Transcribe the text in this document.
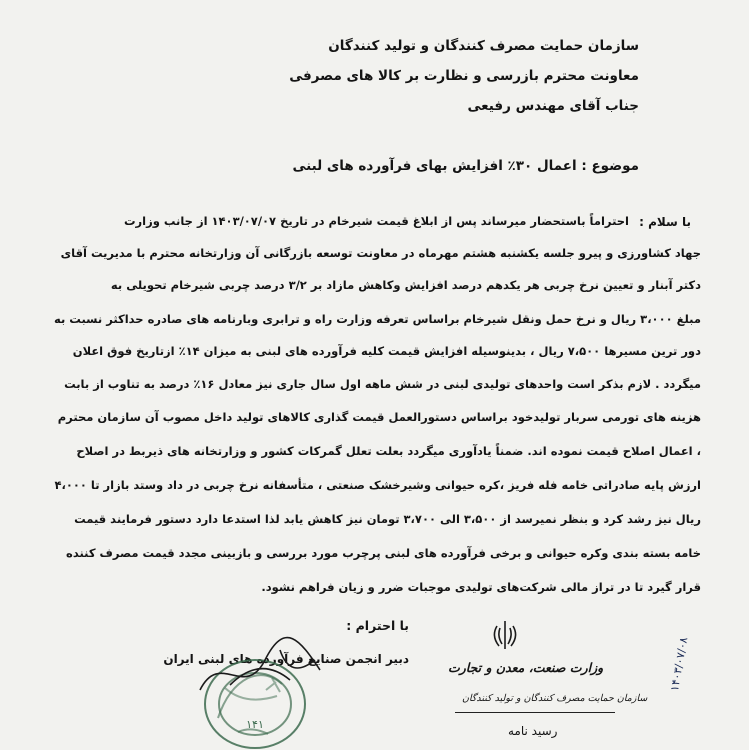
سازمان حمایت مصرف کنندگان و تولید کنندگان
معاونت محترم بازرسی و نظارت بر کالا های مصرفی
جناب آقای مهندس رفیعی
موضوع : اعمال ۳۰٪ افزایش بهای فرآورده های لبنی
با سلام :
احتراماً باستحضار میرساند پس از ابلاغ قیمت شیرخام در تاریخ ۱۴۰۳/۰۷/۰۷ از جانب وزارت
جهاد کشاورزی و پیرو جلسه یکشنبه هشتم مهرماه در معاونت توسعه بازرگانی آن وزارتخانه محترم با مدیریت آقای
دکتر آبنار و تعیین نرخ چربی هر یکدهم درصد افزایش وکاهش مازاد بر ۳/۲ درصد چربی شیرخام تحویلی به
مبلغ ۳،۰۰۰ ریال و نرخ حمل ونقل شیرخام براساس تعرفه وزارت راه و ترابری وبارنامه های صادره حداکثر نسبت به
دور ترین مسیرها ۷،۵۰۰ ریال ، بدینوسیله افزایش قیمت کلیه فرآورده های لبنی به میزان ۱۴٪ ازتاریخ فوق اعلان
میگردد . لازم بذکر است واحدهای تولیدی لبنی در شش ماهه اول سال جاری نیز معادل ۱۶٪ درصد به تناوب از بابت
هزینه های تورمی سربار تولیدخود براساس دستورالعمل قیمت گذاری کالاهای تولید داخل مصوب آن سازمان محترم
، اعمال اصلاح قیمت نموده اند. ضمناً یادآوری میگردد بعلت تعلل گمرکات کشور و وزارتخانه های ذیربط در اصلاح
ارزش پایه صادراتی خامه فله فریز ،کره حیوانی وشیرخشک صنعتی ، متأسفانه نرخ چربی در داد وستد بازار تا ۴،۰۰۰
ریال نیز رشد کرد و بنظر نمیرسد از ۳،۵۰۰ الی ۳،۷۰۰ تومان نیز کاهش یابد لذا استدعا دارد دستور فرمایند قیمت
خامه بسته بندی وکره حیوانی و برخی فرآورده های لبنی پرچرب مورد بررسی و بازبینی مجدد قیمت مصرف کننده
قرار گیرد تا در تراز مالی شرکت‌های تولیدی موجبات ضرر و زیان فراهم نشود.
با احترام :
دبیر انجمن صنایع فرآورده های لبنی ایران
۱۴۱
وزارت صنعت، معدن و تجارت
سازمان حمایت مصرف کنندگان و تولید کنندگان
رسید نامه
۱۴۰۳/۰۷/۰۸
